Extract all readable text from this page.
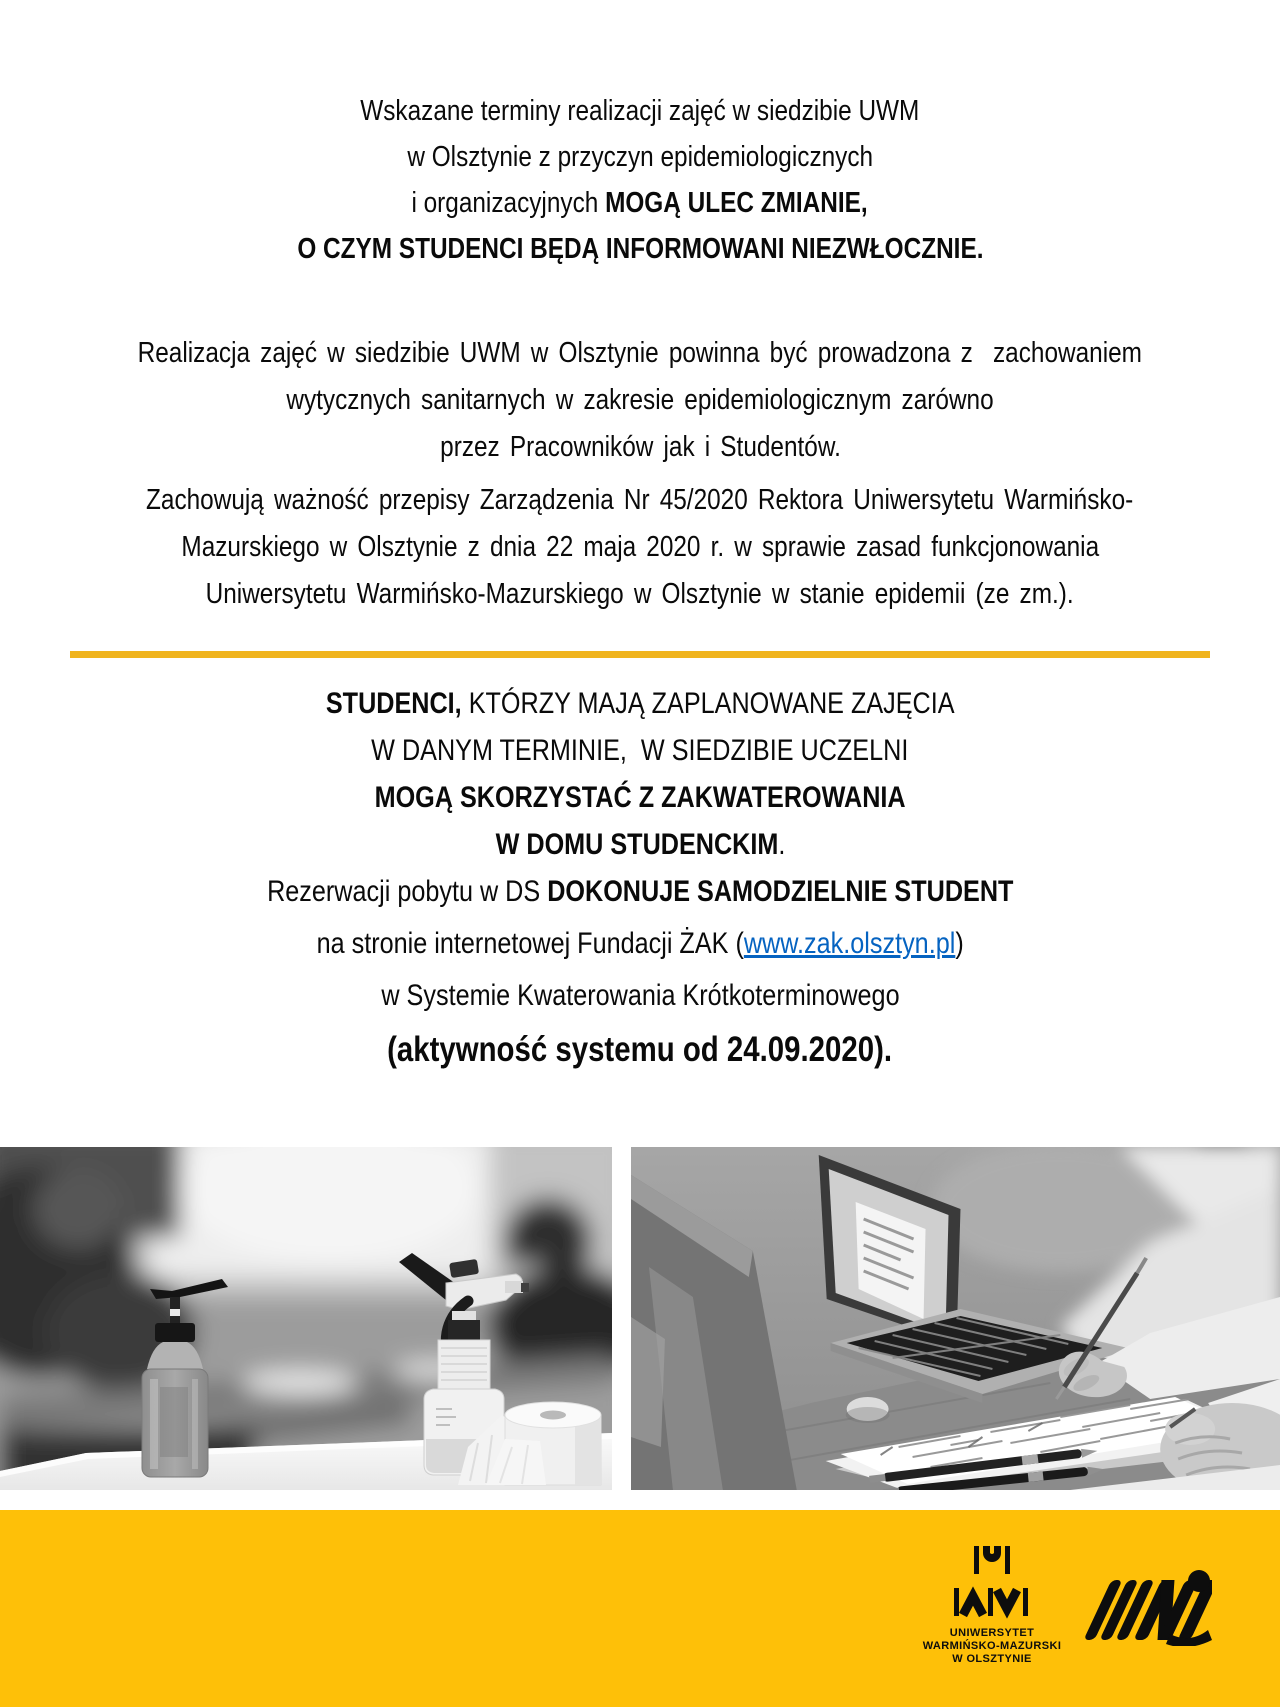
Wskazane terminy realizacji zajęć w siedzibie UWM
w Olsztynie z przyczyn epidemiologicznych
i organizacyjnych MOGĄ ULEC ZMIANIE,
O CZYM STUDENCI BĘDĄ INFORMOWANI NIEZWŁOCZNIE.
Realizacja zajęć w siedzibie UWM w Olsztynie powinna być prowadzona z  zachowaniem
wytycznych sanitarnych w zakresie epidemiologicznym zarówno
przez Pracowników jak i Studentów.
Zachowują ważność przepisy Zarządzenia Nr 45/2020 Rektora Uniwersytetu Warmińsko-
Mazurskiego w Olsztynie z dnia 22 maja 2020 r. w sprawie zasad funkcjonowania
Uniwersytetu Warmińsko-Mazurskiego w Olsztynie w stanie epidemii (ze zm.).
STUDENCI, KTÓRZY MAJĄ ZAPLANOWANE ZAJĘCIA
W DANYM TERMINIE,  W SIEDZIBIE UCZELNI
MOGĄ SKORZYSTAĆ Z ZAKWATEROWANIA
W DOMU STUDENCKIM.
Rezerwacji pobytu w DS DOKONUJE SAMODZIELNIE STUDENT
na stronie internetowej Fundacji ŻAK (www.zak.olsztyn.pl)
w Systemie Kwaterowania Krótkoterminowego
(aktywność systemu od 24.09.2020).
UNIWERSYTET
WARMIŃSKO-MAZURSKI
W OLSZTYNIE
